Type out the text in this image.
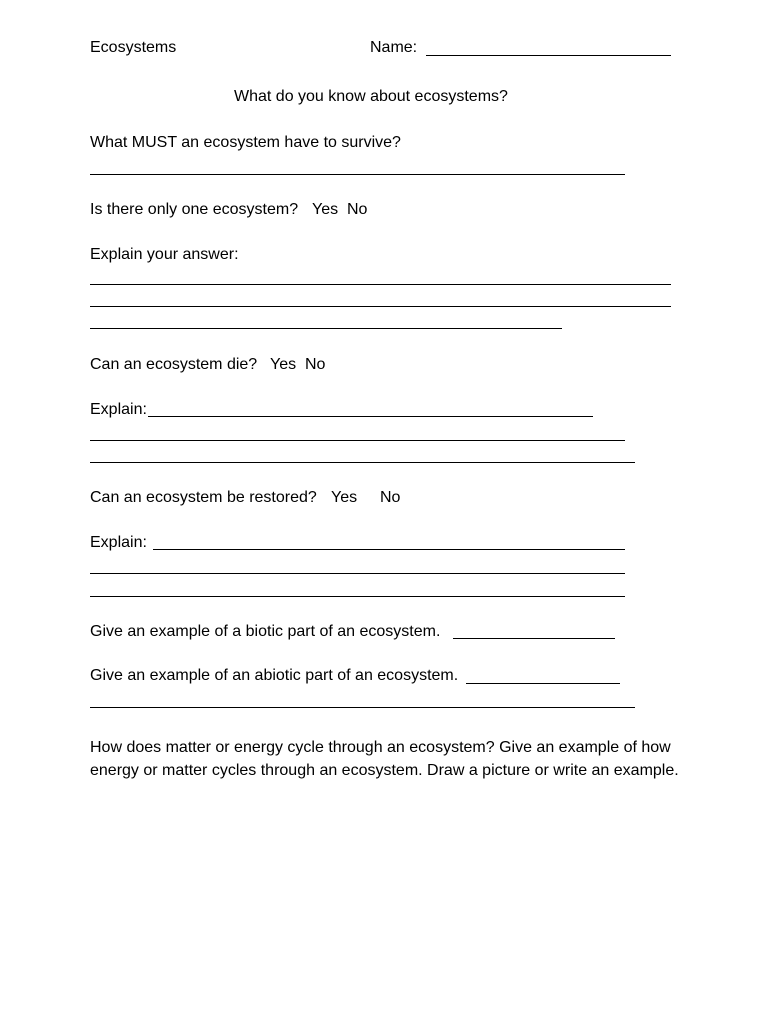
Ecosystems	Name:

What do you know about ecosystems?

What MUST an ecosystem have to survive?

Is there only one ecosystem? Yes No

Explain your answer:

Can an ecosystem die? Yes No

Explain:

Can an ecosystem be restored? Yes No

Explain:

Give an example of a biotic part of an ecosystem.

Give an example of an abiotic part of an ecosystem.

How does matter or energy cycle through an ecosystem? Give an example of how energy or matter cycles through an ecosystem. Draw a picture or write an example.
